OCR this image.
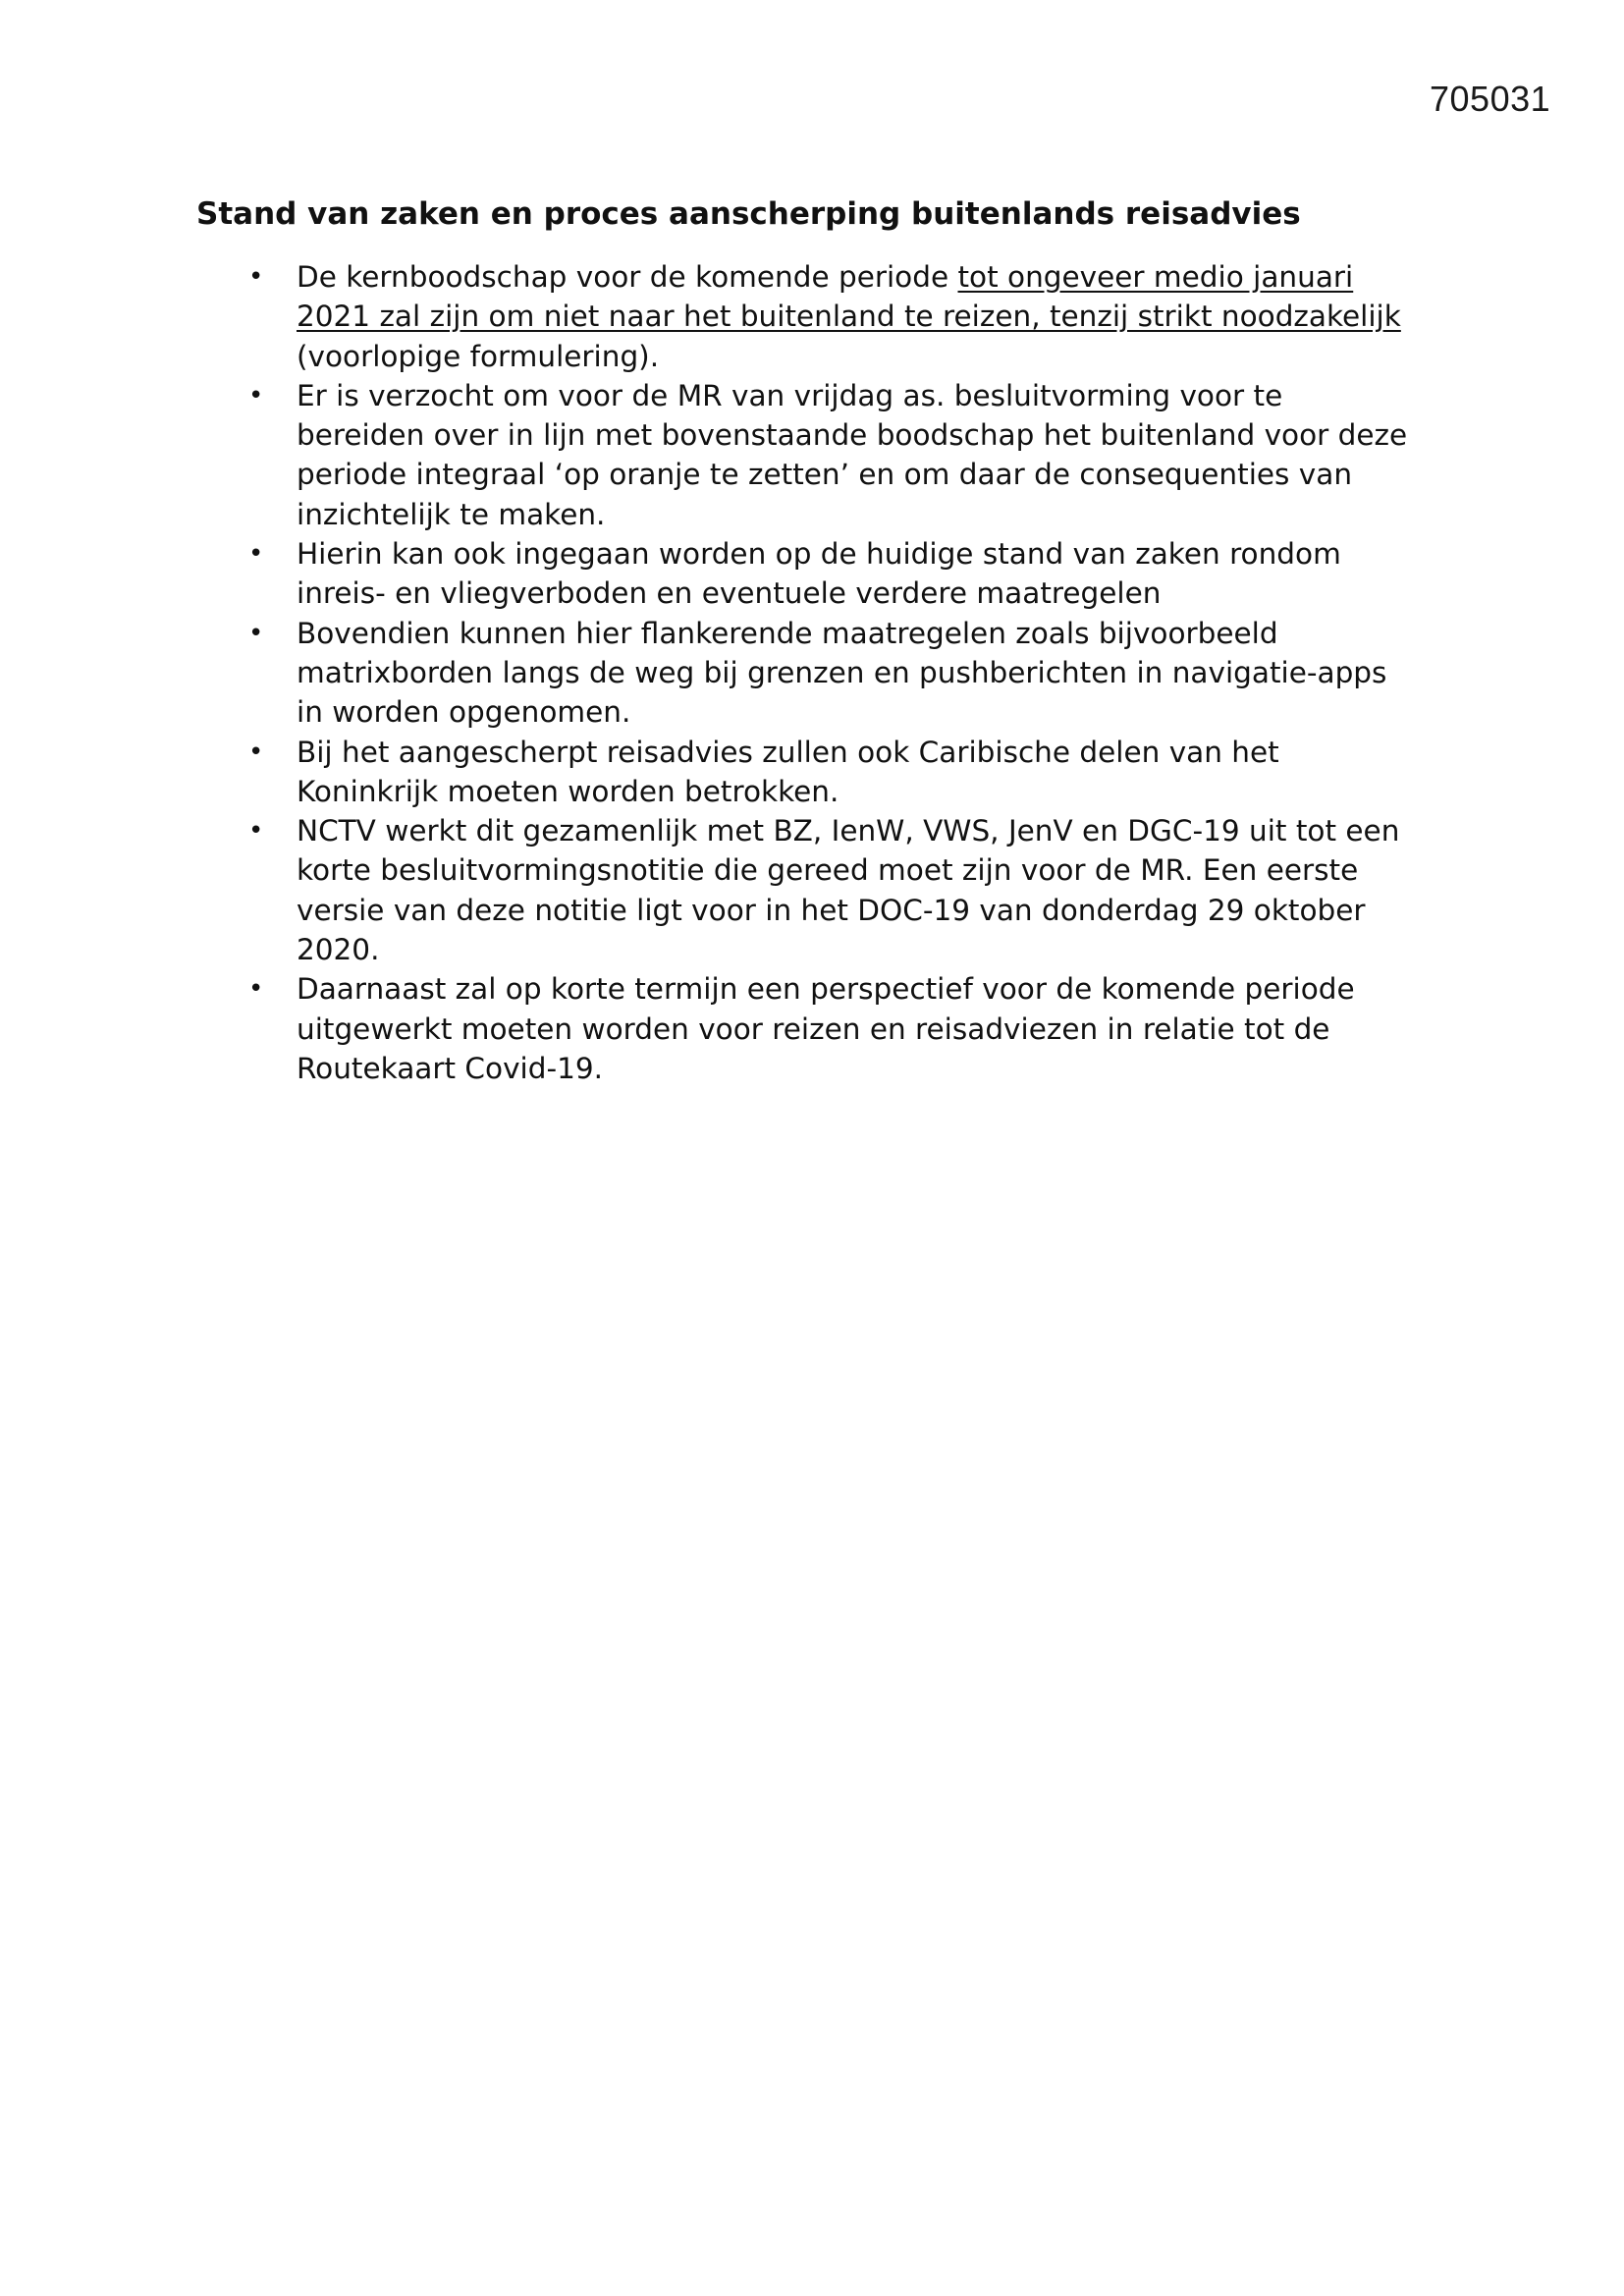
705031
Stand van zaken en proces aanscherping buitenlands reisadvies
• De kernboodschap voor de komende periode tot ongeveer medio januari 2021 zal zijn om niet naar het buitenland te reizen, tenzij strikt noodzakelijk (voorlopige formulering).
• Er is verzocht om voor de MR van vrijdag as. besluitvorming voor te bereiden over in lijn met bovenstaande boodschap het buitenland voor deze periode integraal ‘op oranje te zetten’ en om daar de consequenties van inzichtelijk te maken.
• Hierin kan ook ingegaan worden op de huidige stand van zaken rondom inreis- en vliegverboden en eventuele verdere maatregelen
• Bovendien kunnen hier flankerende maatregelen zoals bijvoorbeeld matrixborden langs de weg bij grenzen en pushberichten in navigatie-apps in worden opgenomen.
• Bij het aangescherpt reisadvies zullen ook Caribische delen van het Koninkrijk moeten worden betrokken.
• NCTV werkt dit gezamenlijk met BZ, IenW, VWS, JenV en DGC-19 uit tot een korte besluitvormingsnotitie die gereed moet zijn voor de MR. Een eerste versie van deze notitie ligt voor in het DOC-19 van donderdag 29 oktober 2020.
• Daarnaast zal op korte termijn een perspectief voor de komende periode uitgewerkt moeten worden voor reizen en reisadviezen in relatie tot de Routekaart Covid-19.
